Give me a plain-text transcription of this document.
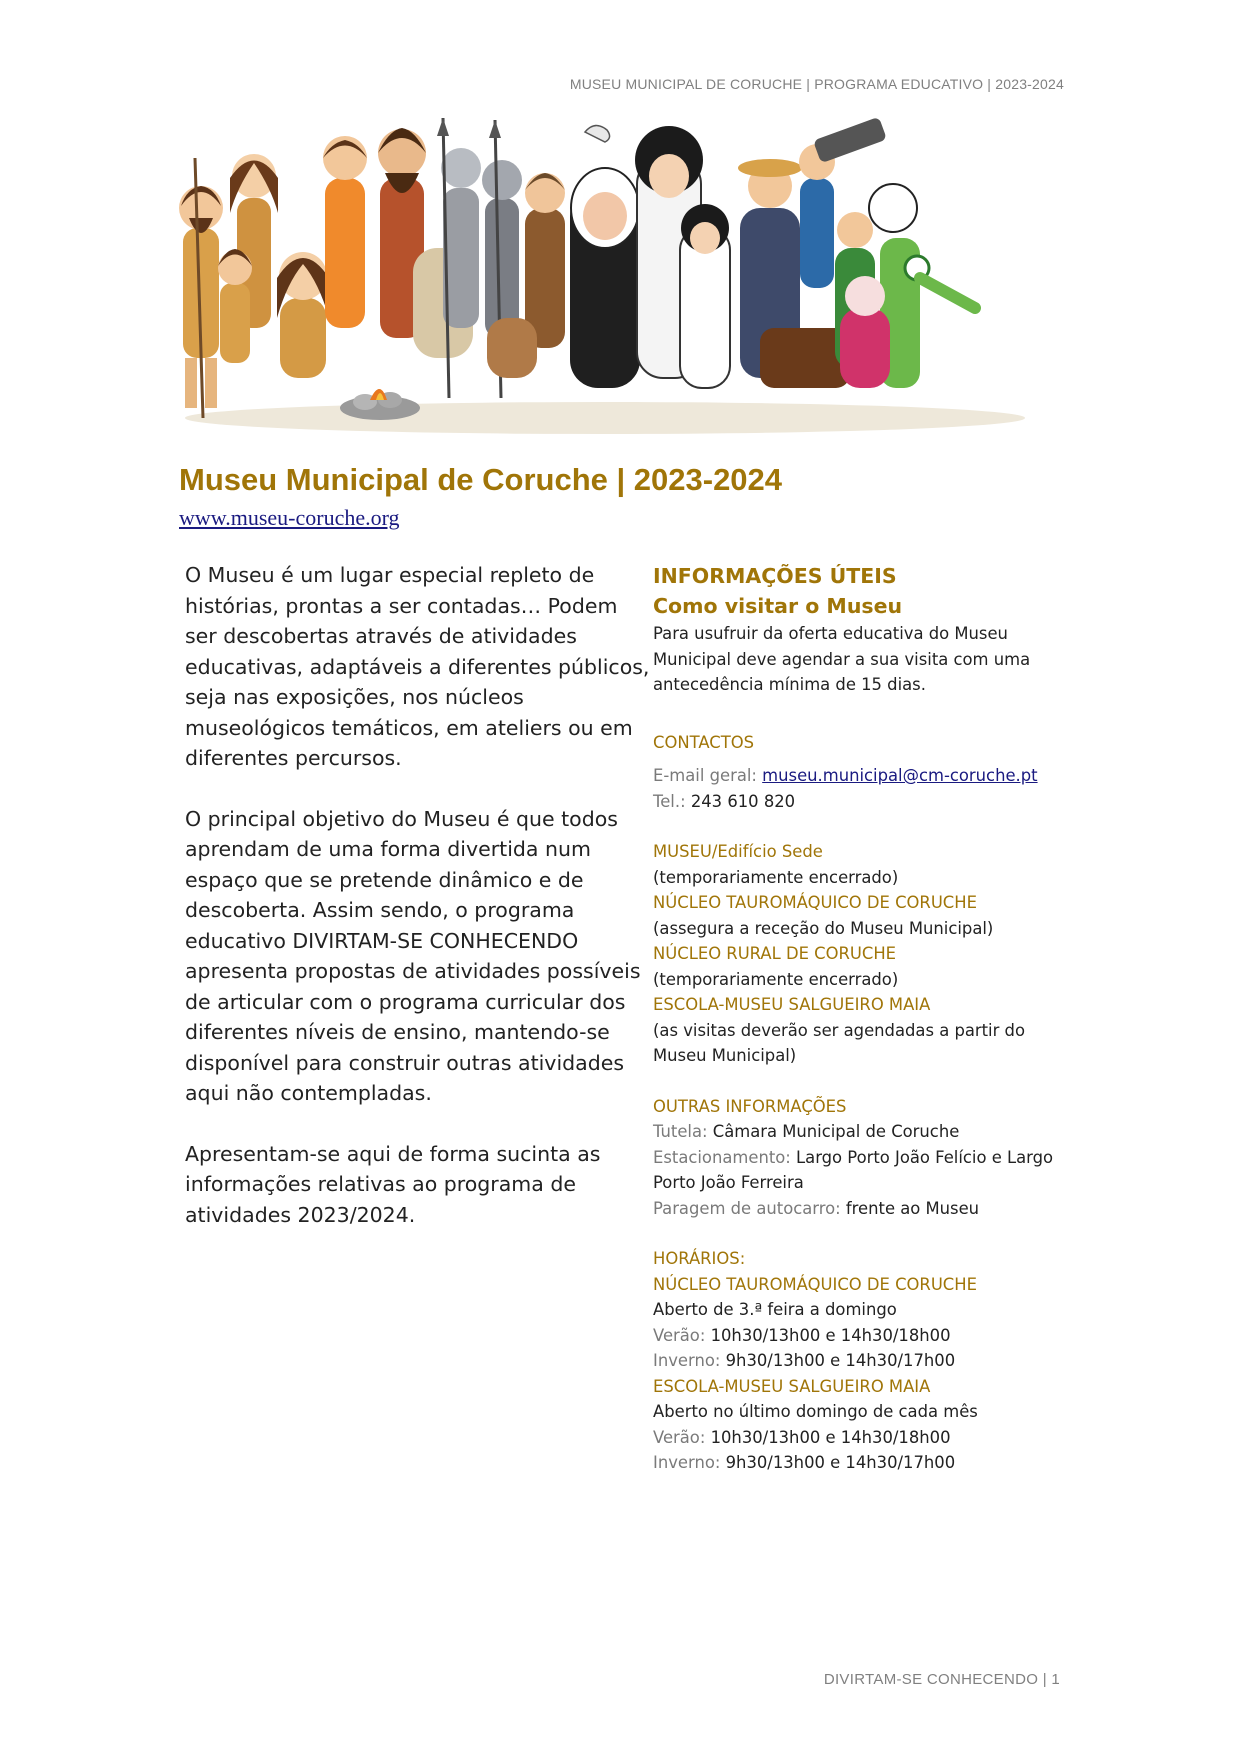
MUSEU MUNICIPAL DE CORUCHE | PROGRAMA EDUCATIVO | 2023-2024
Museu Municipal de Coruche | 2023-2024
www.museu-coruche.org

O Museu é um lugar especial repleto de histórias, prontas a ser contadas… Podem ser descobertas através de atividades educativas, adaptáveis a diferentes públicos, seja nas exposições, nos núcleos museológicos temáticos, em ateliers ou em diferentes percursos.

O principal objetivo do Museu é que todos aprendam de uma forma divertida num espaço que se pretende dinâmico e de descoberta. Assim sendo, o programa educativo DIVIRTAM-SE CONHECENDO apresenta propostas de atividades possíveis de articular com o programa curricular dos diferentes níveis de ensino, mantendo-se disponível para construir outras atividades aqui não contempladas.

Apresentam-se aqui de forma sucinta as informações relativas ao programa de atividades 2023/2024.

INFORMAÇÕES ÚTEIS
Como visitar o Museu
Para usufruir da oferta educativa do Museu Municipal deve agendar a sua visita com uma antecedência mínima de 15 dias.
CONTACTOS
E-mail geral: museu.municipal@cm-coruche.pt
Tel.: 243 610 820
MUSEU/Edifício Sede
(temporariamente encerrado)
NÚCLEO TAUROMÁQUICO DE CORUCHE
(assegura a receção do Museu Municipal)
NÚCLEO RURAL DE CORUCHE
(temporariamente encerrado)
ESCOLA-MUSEU SALGUEIRO MAIA
(as visitas deverão ser agendadas a partir do Museu Municipal)
OUTRAS INFORMAÇÕES
Tutela: Câmara Municipal de Coruche
Estacionamento: Largo Porto João Felício e Largo Porto João Ferreira
Paragem de autocarro: frente ao Museu
HORÁRIOS:
NÚCLEO TAUROMÁQUICO DE CORUCHE
Aberto de 3.ª feira a domingo
Verão: 10h30/13h00 e 14h30/18h00
Inverno: 9h30/13h00 e 14h30/17h00
ESCOLA-MUSEU SALGUEIRO MAIA
Aberto no último domingo de cada mês
Verão: 10h30/13h00 e 14h30/18h00
Inverno: 9h30/13h00 e 14h30/17h00
DIVIRTAM-SE CONHECENDO | 1
